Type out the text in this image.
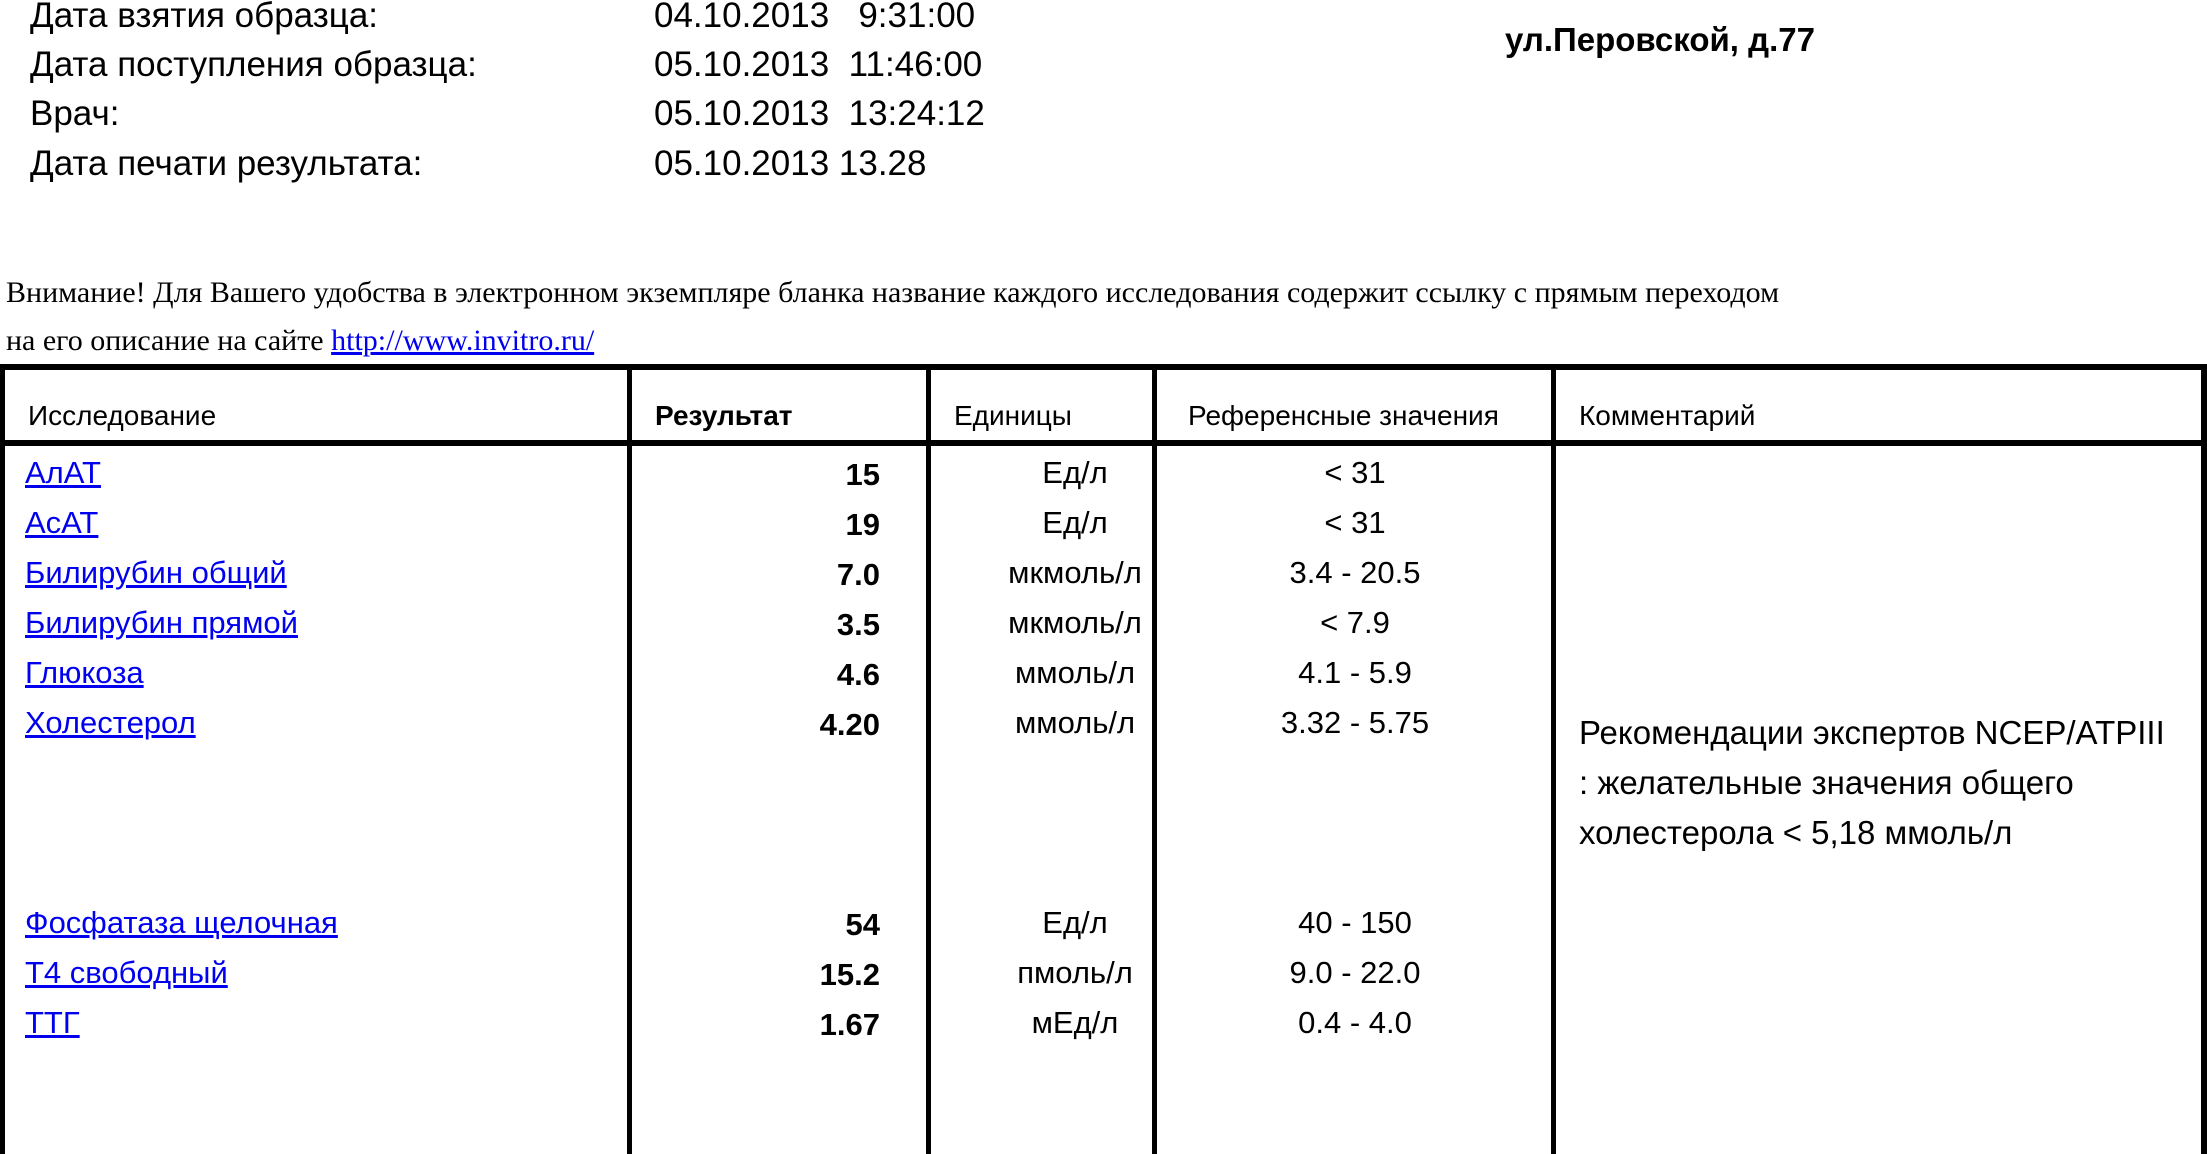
Дата взятия образца:

	04.10.2013   9:31:00

Дата поступления образца:

	05.10.2013  11:46:00

Врач:

	05.10.2013  13:24:12

Дата печати результата:

	05.10.2013 13.28

ул.Перовской, д.77
Внимание! Для Вашего удобства в электронном экземпляре бланка название каждого исследования содержит ссылку с прямым переходом
на его описание на сайте http://www.invitro.ru/
Исследование	Результат	Единицы	Референсные значения	Комментарий
АлАТ	15	Ед/л	< 31
АсАТ	19	Ед/л	< 31
Билирубин общий	7.0	мкмоль/л	3.4 - 20.5
Билирубин прямой	3.5	мкмоль/л	< 7.9
Глюкоза	4.6	ммоль/л	4.1 - 5.9
Холестерол	4.20	ммоль/л	3.32 - 5.75
Фосфатаза щелочная	54	Ед/л	40 - 150
Т4 свободный	15.2	пмоль/л	9.0 - 22.0
ТТГ	1.67	мЕд/л	0.4 - 4.0
Рекомендации экспертов NCEP/ATPIII : желательные значения общего холестерола < 5,18 ммоль/л
